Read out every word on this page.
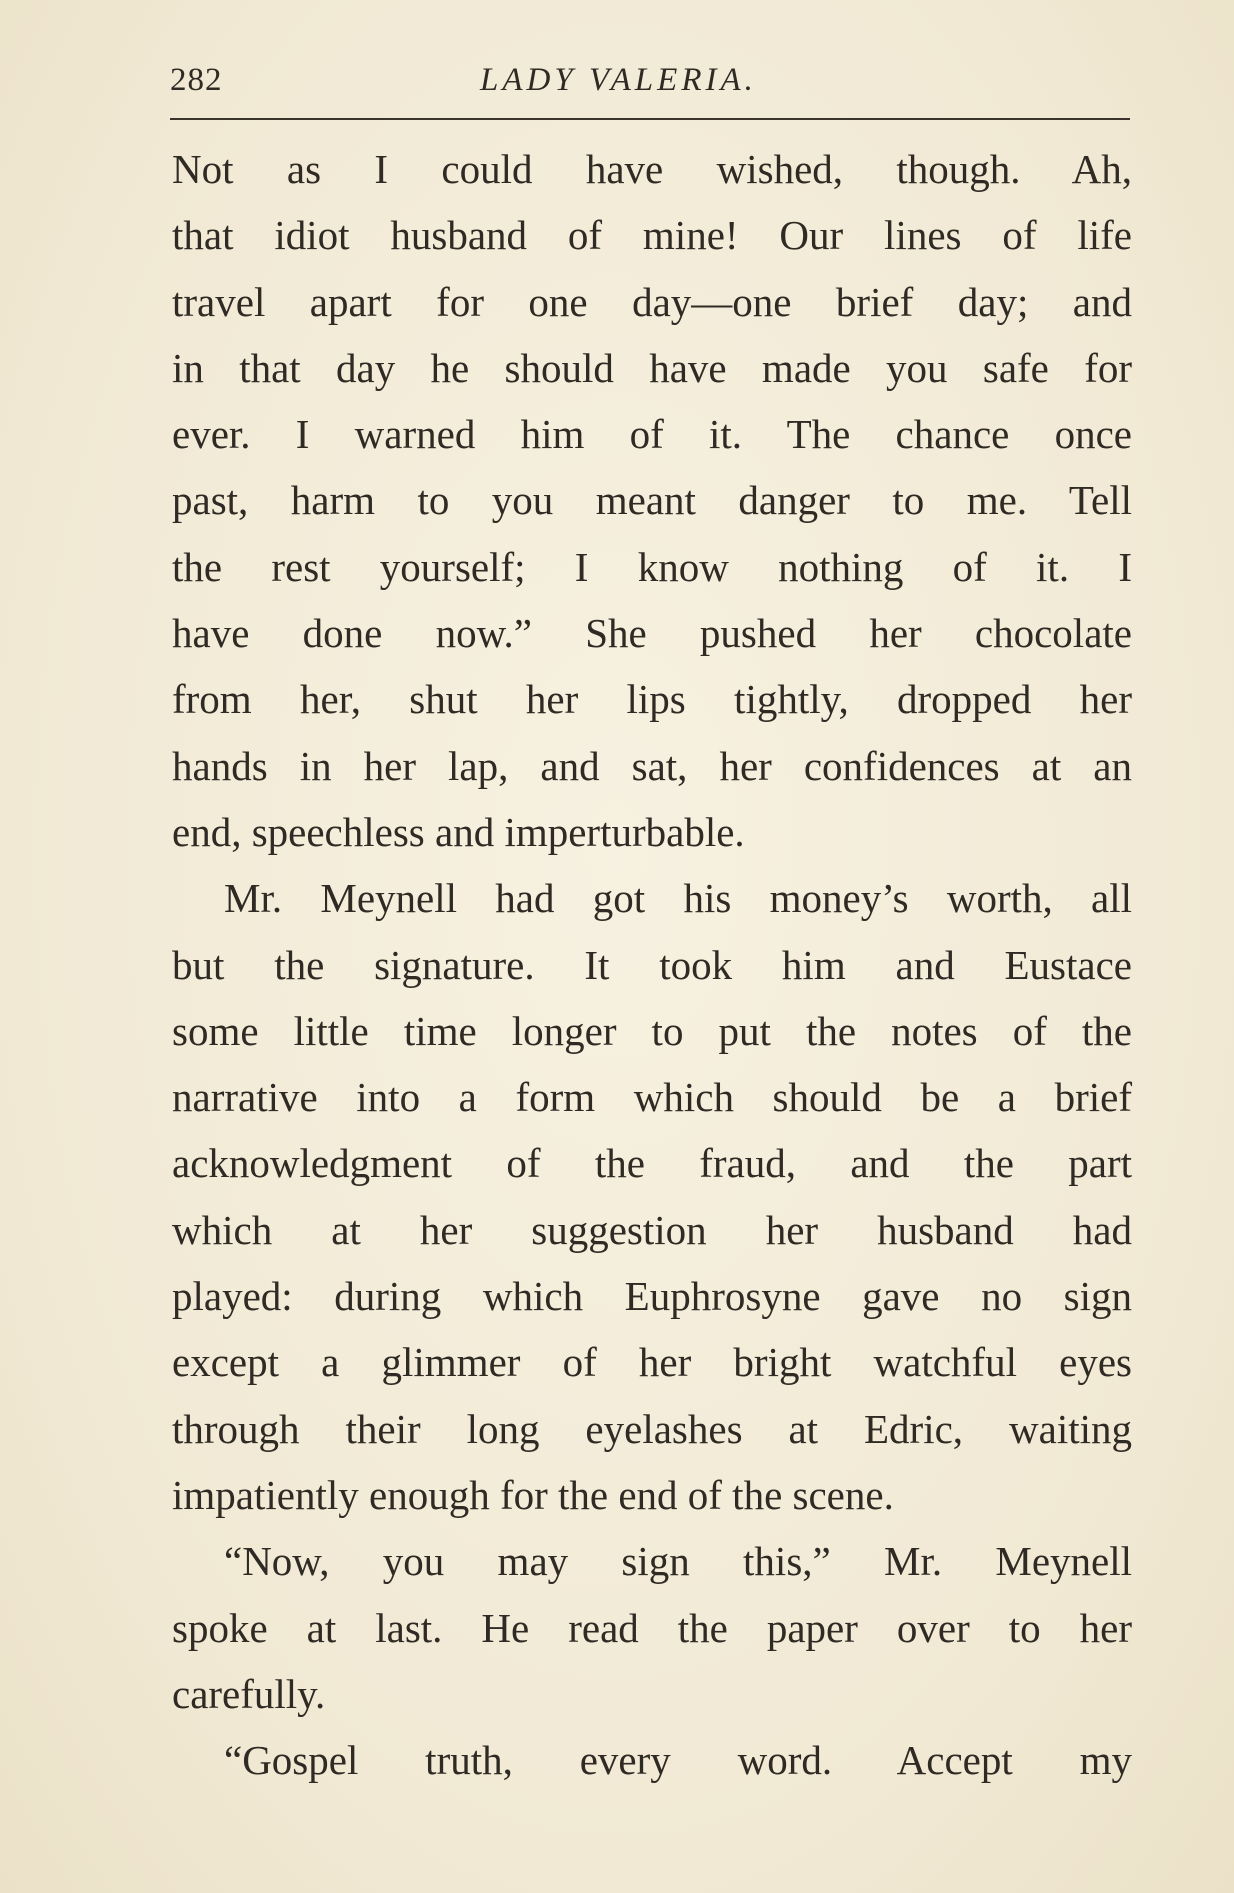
282	LADY VALERIA.
Not as I could have wished, though. Ah,
that idiot husband of mine! Our lines of life
travel apart for one day—one brief day; and
in that day he should have made you safe for
ever. I warned him of it. The chance once
past, harm to you meant danger to me. Tell
the rest yourself; I know nothing of it. I
have done now.” She pushed her chocolate
from her, shut her lips tightly, dropped her
hands in her lap, and sat, her confidences at an
end, speechless and imperturbable.
Mr. Meynell had got his money’s worth, all
but the signature. It took him and Eustace
some little time longer to put the notes of the
narrative into a form which should be a brief
acknowledgment of the fraud, and the part
which at her suggestion her husband had
played: during which Euphrosyne gave no sign
except a glimmer of her bright watchful eyes
through their long eyelashes at Edric, waiting
impatiently enough for the end of the scene.
“Now, you may sign this,” Mr. Meynell
spoke at last. He read the paper over to her
carefully.
“Gospel truth, every word. Accept my
